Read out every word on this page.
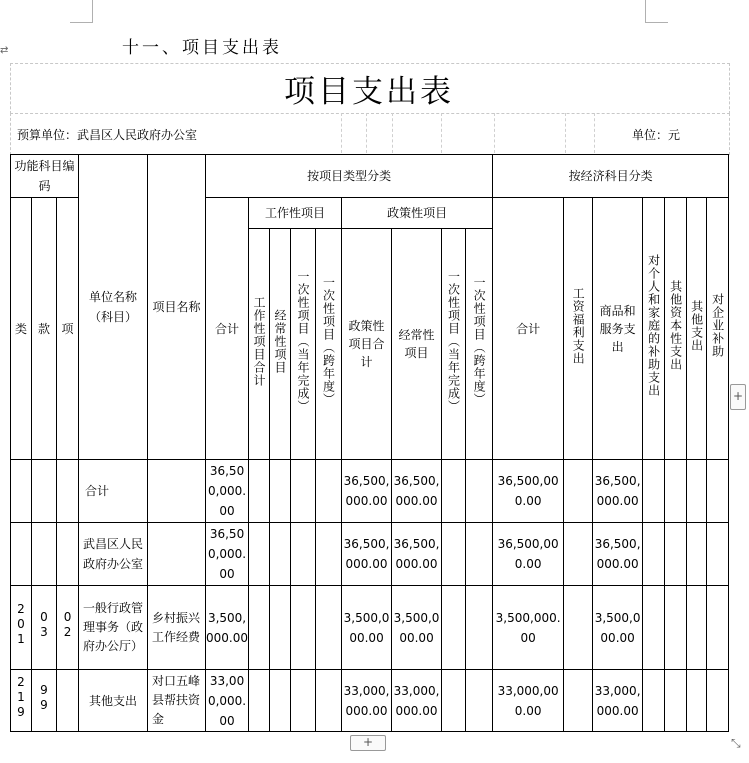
⇄	十一、项目支出表
项目支出表
预算单位：武昌区人民政府办公室	单位：元
功能科目编码			单位名称（科目）	项目名称	按项目类型分类									按经济科目分类						
类	款	项			合计	工作性项目				政策性项目				合计	工资福利支出	商品和服务支出	对个人和家庭的补助支出	其他资本性支出	其他支出	对企业补助
						工作性项目合计	经常性项目	一次性项目（当年完成）	一次性项目（跨年度）	政策性项目合计	经常性项目	一次性项目（当年完成）	一次性项目（跨年度）							

			合计		36,500,000.00					36,500,000.00	36,500,000.00			36,500,000.00		36,500,000.00				
			武昌区人民政府办公室		36,500,000.00					36,500,000.00	36,500,000.00			36,500,000.00		36,500,000.00				
201	03	02	一般行政管理事务（政府办公厅）	乡村振兴工作经费	3,500,000.00					3,500,000.00	3,500,000.00			3,500,000.00		3,500,000.00				
219	99		其他支出	对口五峰县帮扶资金	33,000,000.00					33,000,000.00	33,000,000.00			33,000,000.00		33,000,000.00				
+
+
⤡
